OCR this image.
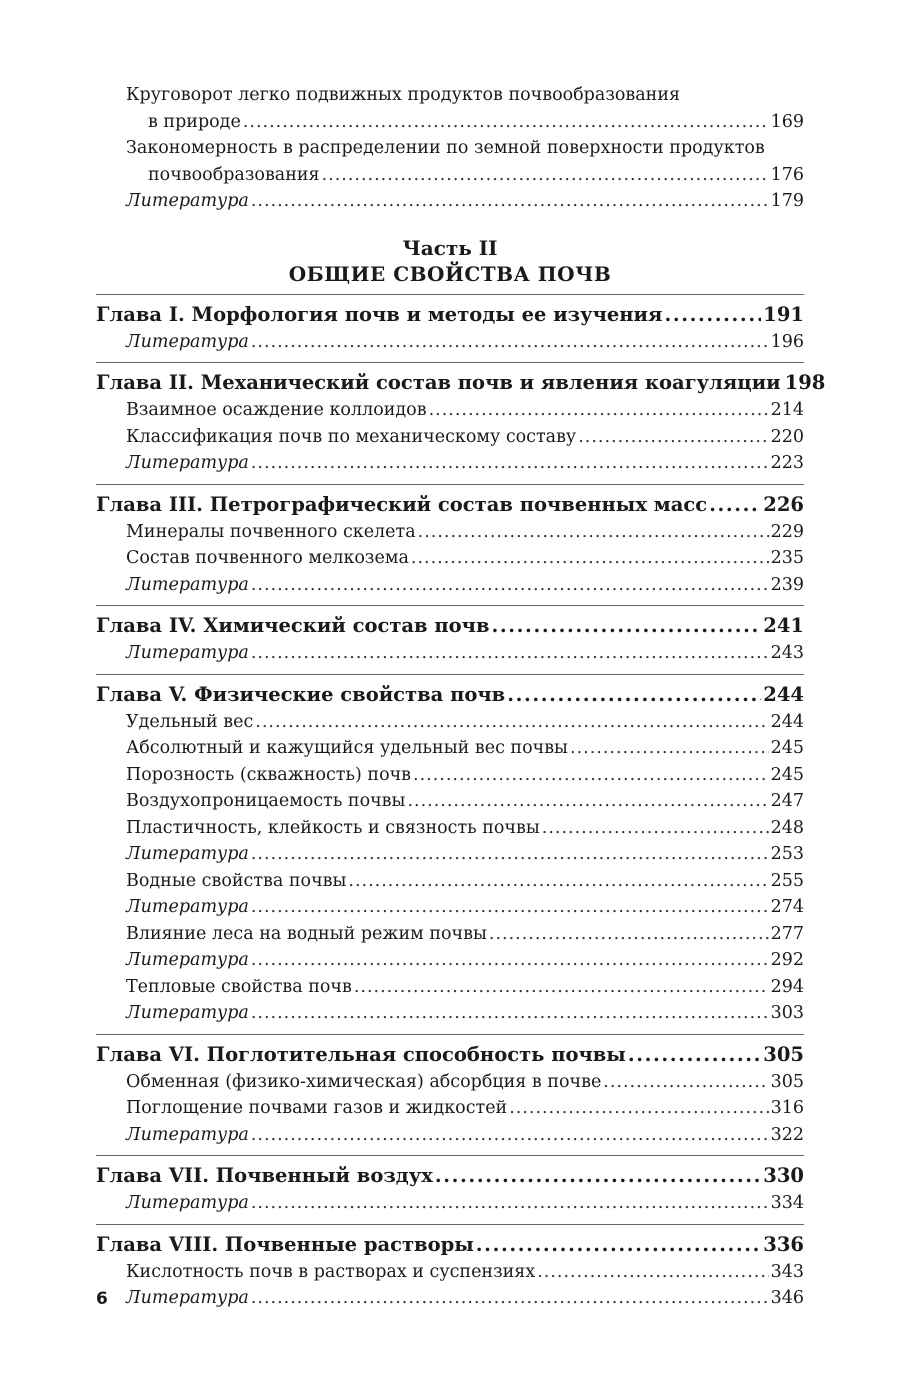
Круговорот легко подвижных продуктов почвообразования
в природе .....	169
Закономерность в распределении по земной поверхности продуктов
почвообразования .....	176
Литература .....	179
Часть II
ОБЩИЕ СВОЙСТВА ПОЧВ
Глава I. Морфология почв и методы ее изучения .....	191
Литература .....	196
Глава II. Механический состав почв и явления коагуляции 198
Взаимное осаждение коллоидов .....	214
Классификация почв по механическому составу .....	220
Литература .....	223
Глава III. Петрографический состав почвенных масс .....	226
Минералы почвенного скелета .....	229
Состав почвенного мелкозема .....	235
Литература .....	239
Глава IV. Химический состав почв .....	241
Литература .....	243
Глава V. Физические свойства почв .....	244
Удельный вес .....	244
Абсолютный и кажущийся удельный вес почвы .....	245
Порозность (скважность) почв .....	245
Воздухопроницаемость почвы .....	247
Пластичность, клейкость и связность почвы .....	248
Литература .....	253
Водные свойства почвы .....	255
Литература .....	274
Влияние леса на водный режим почвы .....	277
Литература .....	292
Тепловые свойства почв .....	294
Литература .....	303
Глава VI. Поглотительная способность почвы .....	305
Обменная (физико-химическая) абсорбция в почве .....	305
Поглощение почвами газов и жидкостей .....	316
Литература .....	322
Глава VII. Почвенный воздух .....	330
Литература .....	334
Глава VIII. Почвенные растворы .....	336
Кислотность почв в растворах и суспензиях .....	343
Литература .....	346
6
